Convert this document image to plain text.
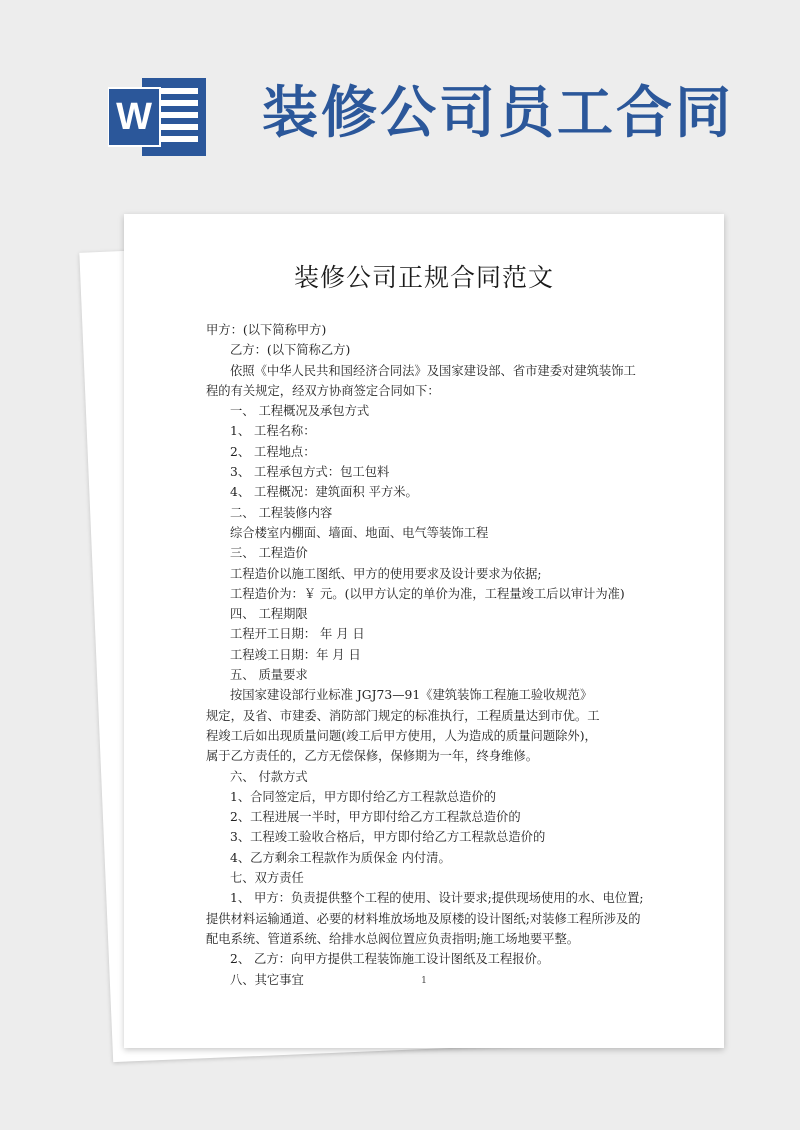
W 装修公司员工合同
装修公司正规合同范文

甲方：(以下简称甲方)

乙方：(以下简称乙方)

依照《中华人民共和国经济合同法》及国家建设部、省市建委对建筑装饰工程的有关规定，经双方协商签定合同如下：

一、 工程概况及承包方式

1、 工程名称：

2、 工程地点：

3、 工程承包方式：包工包料

4、 工程概况：建筑面积 平方米。

二、 工程装修内容

综合楼室内棚面、墙面、地面、电气等装饰工程

三、 工程造价

工程造价以施工图纸、甲方的使用要求及设计要求为依据;

工程造价为：￥ 元。(以甲方认定的单价为准，工程量竣工后以审计为准)

四、 工程期限

工程开工日期： 年 月 日

工程竣工日期：年 月 日

五、 质量要求

按国家建设部行业标准 JGJ73—91《建筑装饰工程施工验收规范》规定，及省、市建委、消防部门规定的标准执行，工程质量达到市优。工程竣工后如出现质量问题(竣工后甲方使用，人为造成的质量问题除外)，属于乙方责任的，乙方无偿保修，保修期为一年，终身维修。

六、 付款方式

1、合同签定后，甲方即付给乙方工程款总造价的

2、工程进展一半时，甲方即付给乙方工程款总造价的

3、工程竣工验收合格后，甲方即付给乙方工程款总造价的

4、乙方剩余工程款作为质保金 内付清。

七、双方责任

1、 甲方：负责提供整个工程的使用、设计要求;提供现场使用的水、电位置;提供材料运输通道、必要的材料堆放场地及原楼的设计图纸;对装修工程所涉及的配电系统、管道系统、给排水总阀位置应负责指明;施工场地要平整。

2、 乙方：向甲方提供工程装饰施工设计图纸及工程报价。

八、其它事宜	1
